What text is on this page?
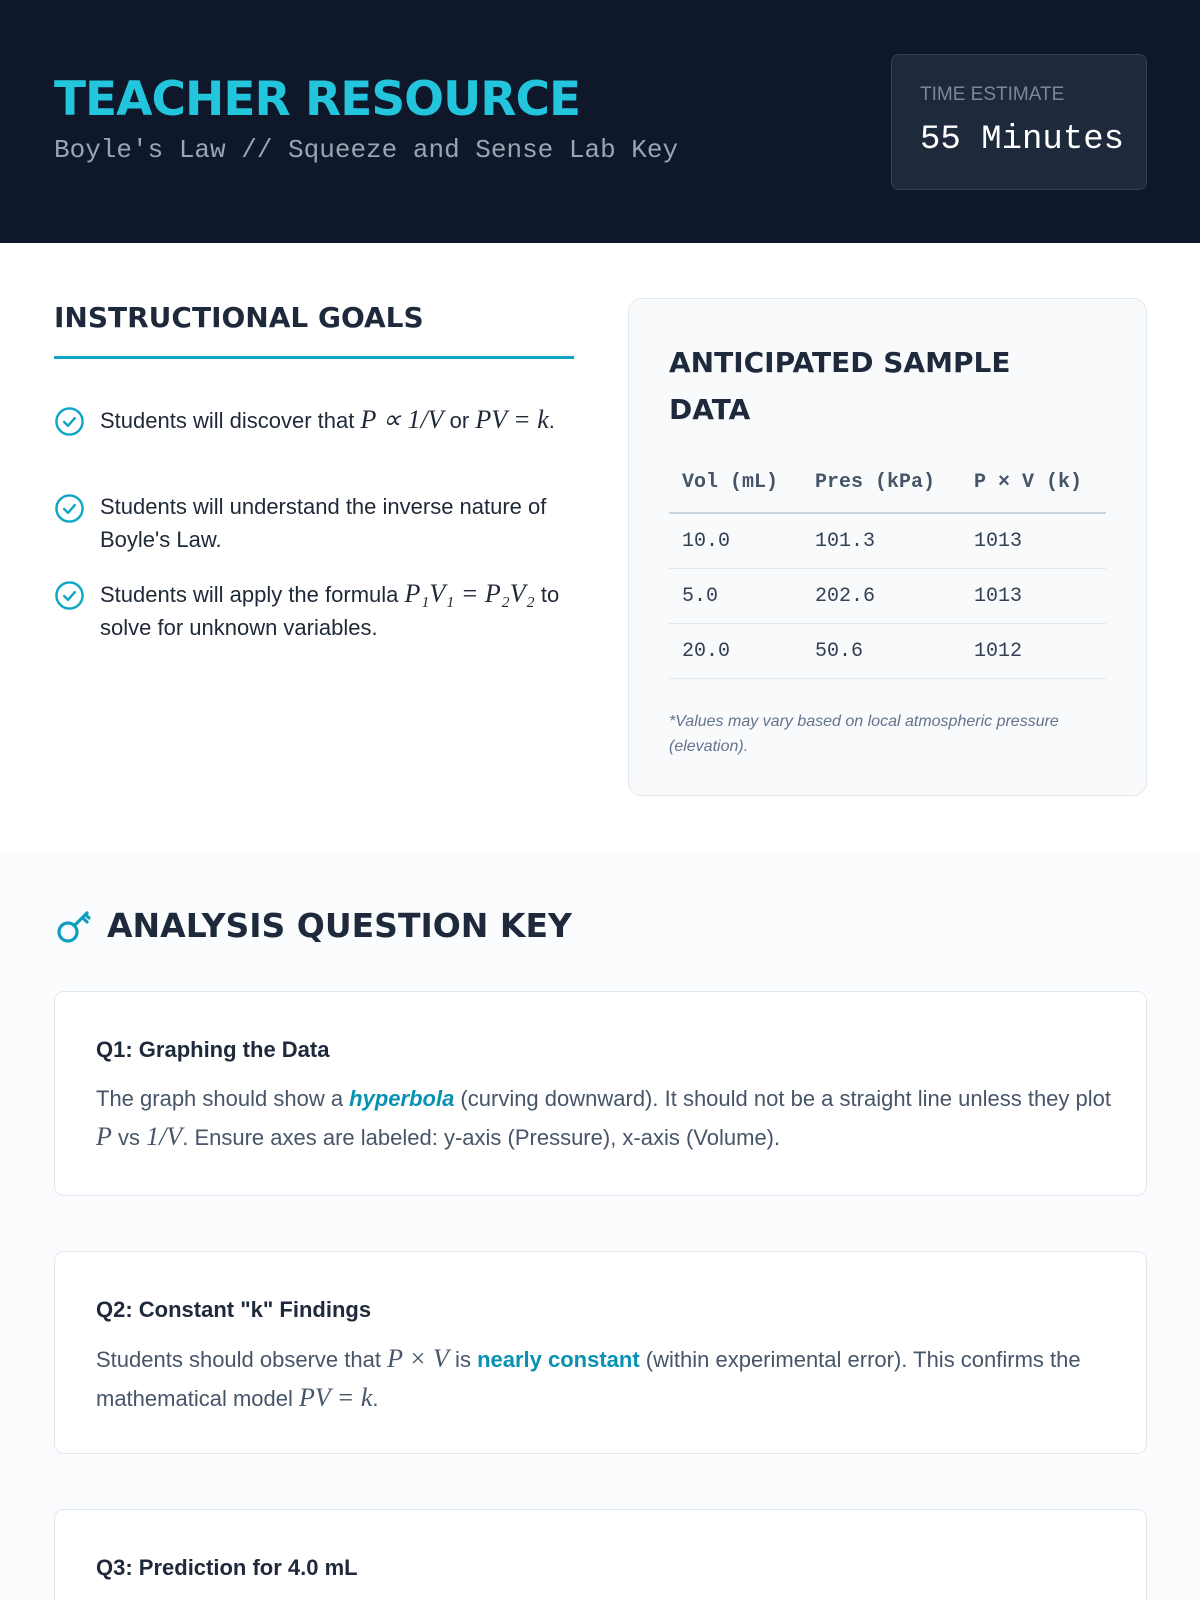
TEACHER RESOURCE
Boyle's Law // Squeeze and Sense Lab Key
TIME ESTIMATE
55 Minutes
INSTRUCTIONAL GOALS
Students will discover that P ∝ 1/V or PV = k.
Students will understand the inverse nature of Boyle's Law.
Students will apply the formula P₁V₁ = P₂V₂ to solve for unknown variables.
ANTICIPATED SAMPLE DATA
Vol (mL) Pres (kPa) P × V (k)
10.0	101.3	1013
5.0	202.6	1013
20.0	50.6	1012
*Values may vary based on local atmospheric pressure (elevation).
ANALYSIS QUESTION KEY
Q1: Graphing the Data
The graph should show a hyperbola (curving downward). It should not be a straight line unless they plot P vs 1/V. Ensure axes are labeled: y-axis (Pressure), x-axis (Volume).
Q2: Constant "k" Findings
Students should observe that P × V is nearly constant (within experimental error). This confirms the mathematical model PV = k.
Q3: Prediction for 4.0 mL
